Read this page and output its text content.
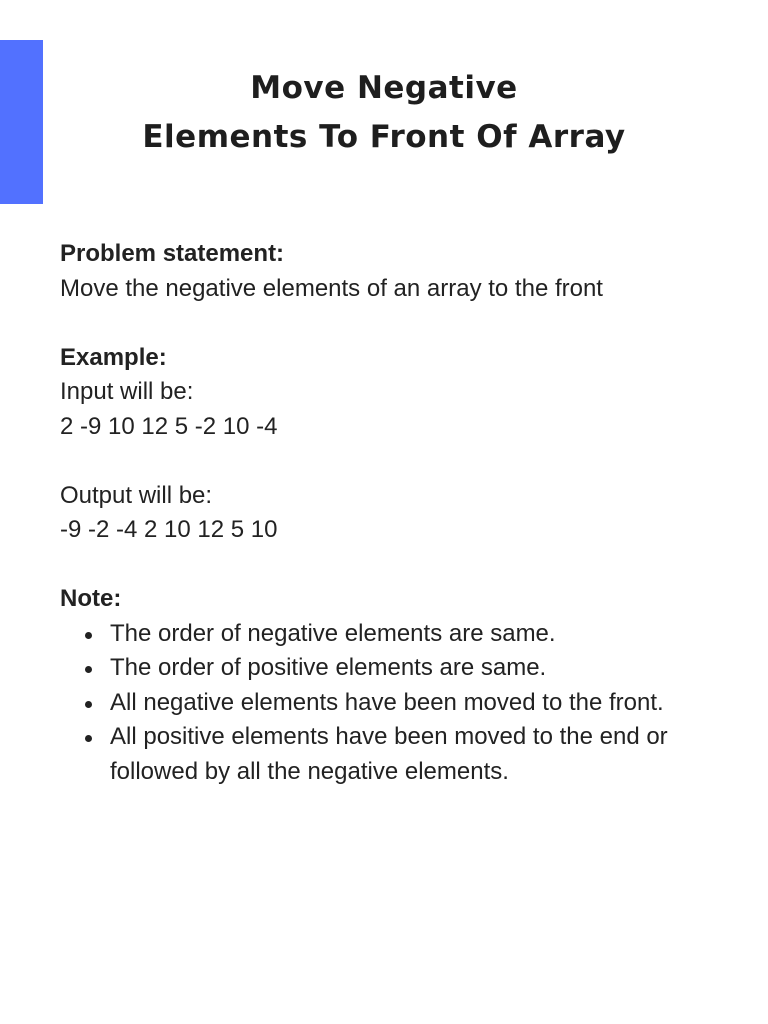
Move Negative
Elements To Front Of Array

Problem statement:

Move the negative elements of an array to the front

Example:

Input will be:

2 -9 10 12 5 -2 10 -4

Output will be:

-9 -2 -4 2 10 12 5 10

Note:

The order of negative elements are same.
The order of positive elements are same.
All negative elements have been moved to the front.
All positive elements have been moved to the end or followed by all the negative elements.
